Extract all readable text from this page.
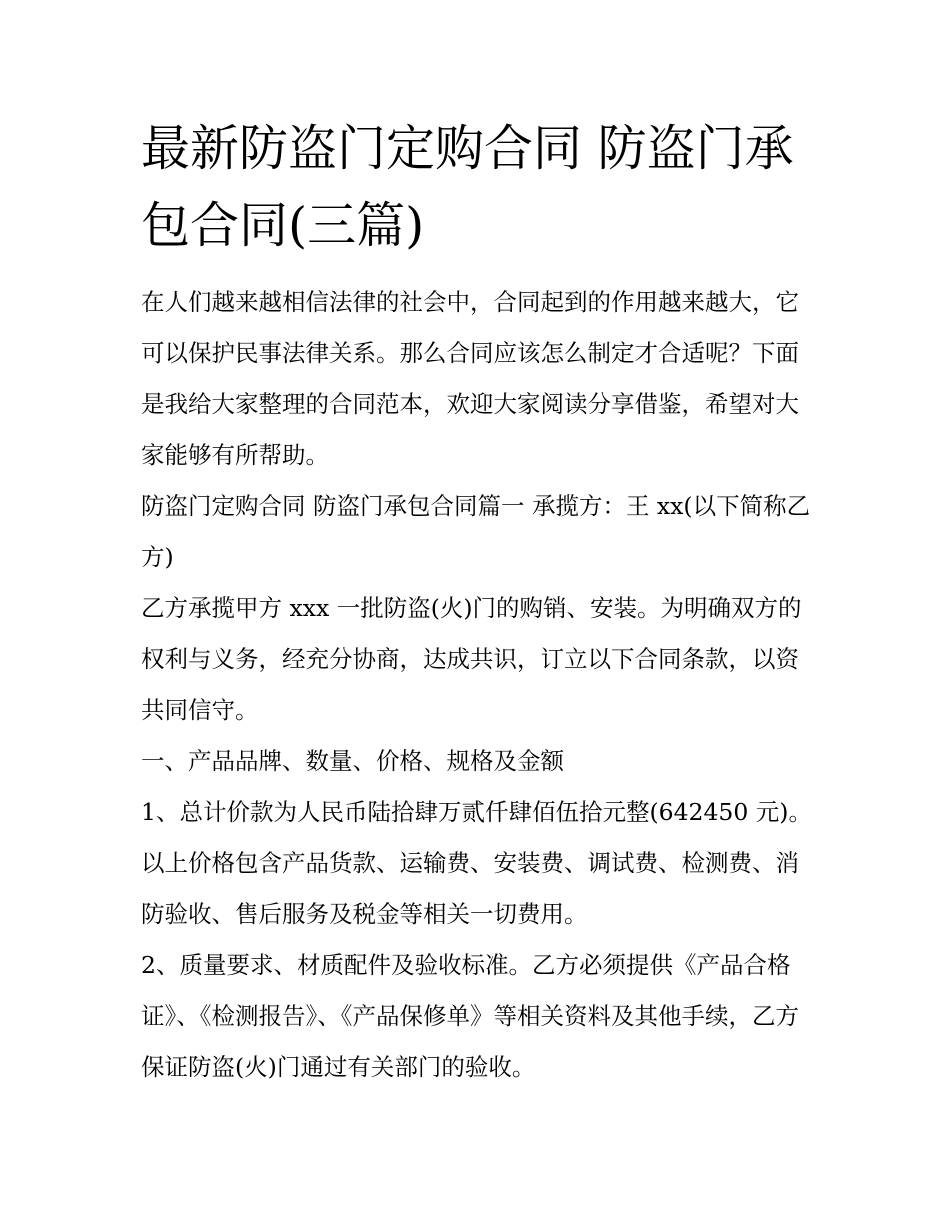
最新防盗门定购合同 防盗门承包合同(三篇)

在人们越来越相信法律的社会中，合同起到的作用越来越大，它可以保护民事法律关系。那么合同应该怎么制定才合适呢？下面是我给大家整理的合同范本，欢迎大家阅读分享借鉴，希望对大家能够有所帮助。

防盗门定购合同 防盗门承包合同篇一 承揽方：王 xx(以下简称乙方)

乙方承揽甲方 xxx 一批防盗(火)门的购销、安装。为明确双方的权利与义务，经充分协商，达成共识，订立以下合同条款，以资共同信守。

一、产品品牌、数量、价格、规格及金额

1、总计价款为人民币陆拾肆万贰仟肆佰伍拾元整(642450 元)。以上价格包含产品货款、运输费、安装费、调试费、检测费、消防验收、售后服务及税金等相关一切费用。

2、质量要求、材质配件及验收标准。乙方必须提供《产品合格证》、《检测报告》、《产品保修单》等相关资料及其他手续，乙方保证防盗(火)门通过有关部门的验收。
